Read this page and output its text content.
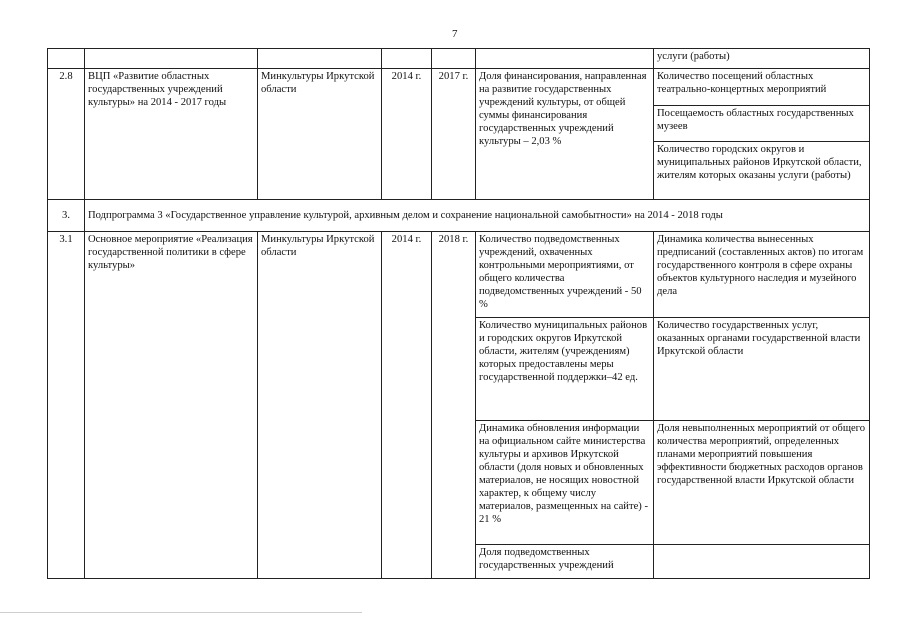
7
						услуги (работы)
2.8	ВЦП «Развитие областных государственных учреждений культуры» на 2014 - 2017 годы	Минкультуры Иркутской области	2014 г.	2017 г.	Доля финансирования, направленная на развитие государственных учреждений культуры, от общей суммы финансирования государственных учреждений культуры – 2,03 %	Количество посещений областных театрально-концертных мероприятий
						Посещаемость областных государственных музеев
						Количество городских округов и муниципальных районов Иркутской области, жителям которых оказаны услуги (работы)
3.	Подпрограмма 3 «Государственное управление культурой, архивным делом и сохранение национальной самобытности» на 2014 - 2018 годы					
3.1	Основное мероприятие «Реализация государственной политики в сфере культуры»	Минкультуры Иркутской области	2014 г.	2018 г.	Количество подведомственных учреждений, охваченных контрольными мероприятиями, от общего количества подведомственных учреждений - 50 %	Динамика количества вынесенных предписаний (составленных актов) по итогам государственного контроля в сфере охраны объектов культурного наследия и музейного дела
					Количество муниципальных районов и городских округов Иркутской области, жителям (учреждениям) которых предоставлены меры государственной поддержки–42 ед.	Количество государственных услуг, оказанных органами государственной власти Иркутской области
					Динамика обновления информации на официальном сайте министерства культуры и архивов Иркутской области (доля новых и обновленных материалов, не носящих новостной характер, к общему числу материалов, размещенных на сайте) - 21 %	Доля невыполненных мероприятий от общего количества мероприятий, определенных планами мероприятий повышения эффективности бюджетных расходов органов государственной власти Иркутской области
					Доля подведомственных государственных учреждений	
